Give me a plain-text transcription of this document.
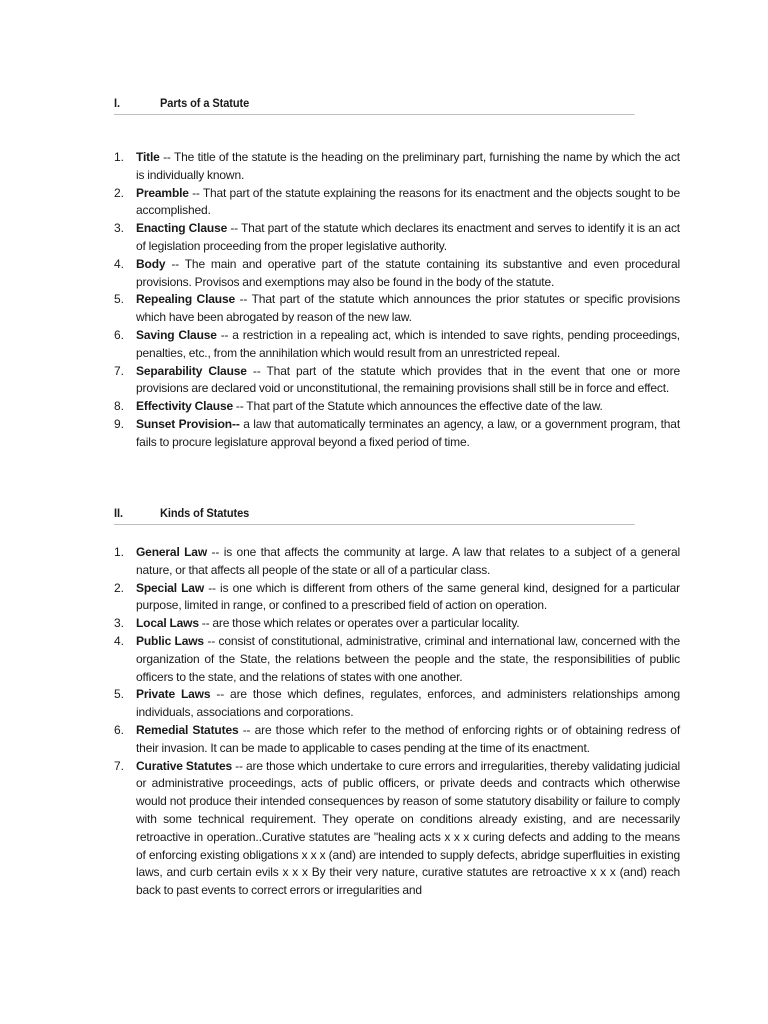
I.	Parts of a Statute
1. Title -- The title of the statute is the heading on the preliminary part, furnishing the name by which the act is individually known.
2. Preamble -- That part of the statute explaining the reasons for its enactment and the objects sought to be accomplished.
3. Enacting Clause -- That part of the statute which declares its enactment and serves to identify it is an act of legislation proceeding from the proper legislative authority.
4. Body -- The main and operative part of the statute containing its substantive and even procedural provisions. Provisos and exemptions may also be found in the body of the statute.
5. Repealing Clause -- That part of the statute which announces the prior statutes or specific provisions which have been abrogated by reason of the new law.
6. Saving Clause -- a restriction in a repealing act, which is intended to save rights, pending proceedings, penalties, etc., from the annihilation which would result from an unrestricted repeal.
7. Separability Clause -- That part of the statute which provides that in the event that one or more provisions are declared void or unconstitutional, the remaining provisions shall still be in force and effect.
8. Effectivity Clause -- That part of the Statute which announces the effective date of the law.
9. Sunset Provision-- a law that automatically terminates an agency, a law, or a government program, that fails to procure legislature approval beyond a fixed period of time.
II.	Kinds of Statutes
1. General Law -- is one that affects the community at large. A law that relates to a subject of a general nature, or that affects all people of the state or all of a particular class.
2. Special Law -- is one which is different from others of the same general kind, designed for a particular purpose, limited in range, or confined to a prescribed field of action on operation.
3. Local Laws -- are those which relates or operates over a particular locality.
4. Public Laws -- consist of constitutional, administrative, criminal and international law, concerned with the organization of the State, the relations between the people and the state, the responsibilities of public officers to the state, and the relations of states with one another.
5. Private Laws -- are those which defines, regulates, enforces, and administers relationships among individuals, associations and corporations.
6. Remedial Statutes -- are those which refer to the method of enforcing rights or of obtaining redress of their invasion. It can be made to applicable to cases pending at the time of its enactment.
7. Curative Statutes -- are those which undertake to cure errors and irregularities, thereby validating judicial or administrative proceedings, acts of public officers, or private deeds and contracts which otherwise would not produce their intended consequences by reason of some statutory disability or failure to comply with some technical requirement. They operate on conditions already existing, and are necessarily retroactive in operation..Curative statutes are "healing acts x x x curing defects and adding to the means of enforcing existing obligations x x x (and) are intended to supply defects, abridge superfluities in existing laws, and curb certain evils x x x By their very nature, curative statutes are retroactive x x x (and) reach back to past events to correct errors or irregularities and
